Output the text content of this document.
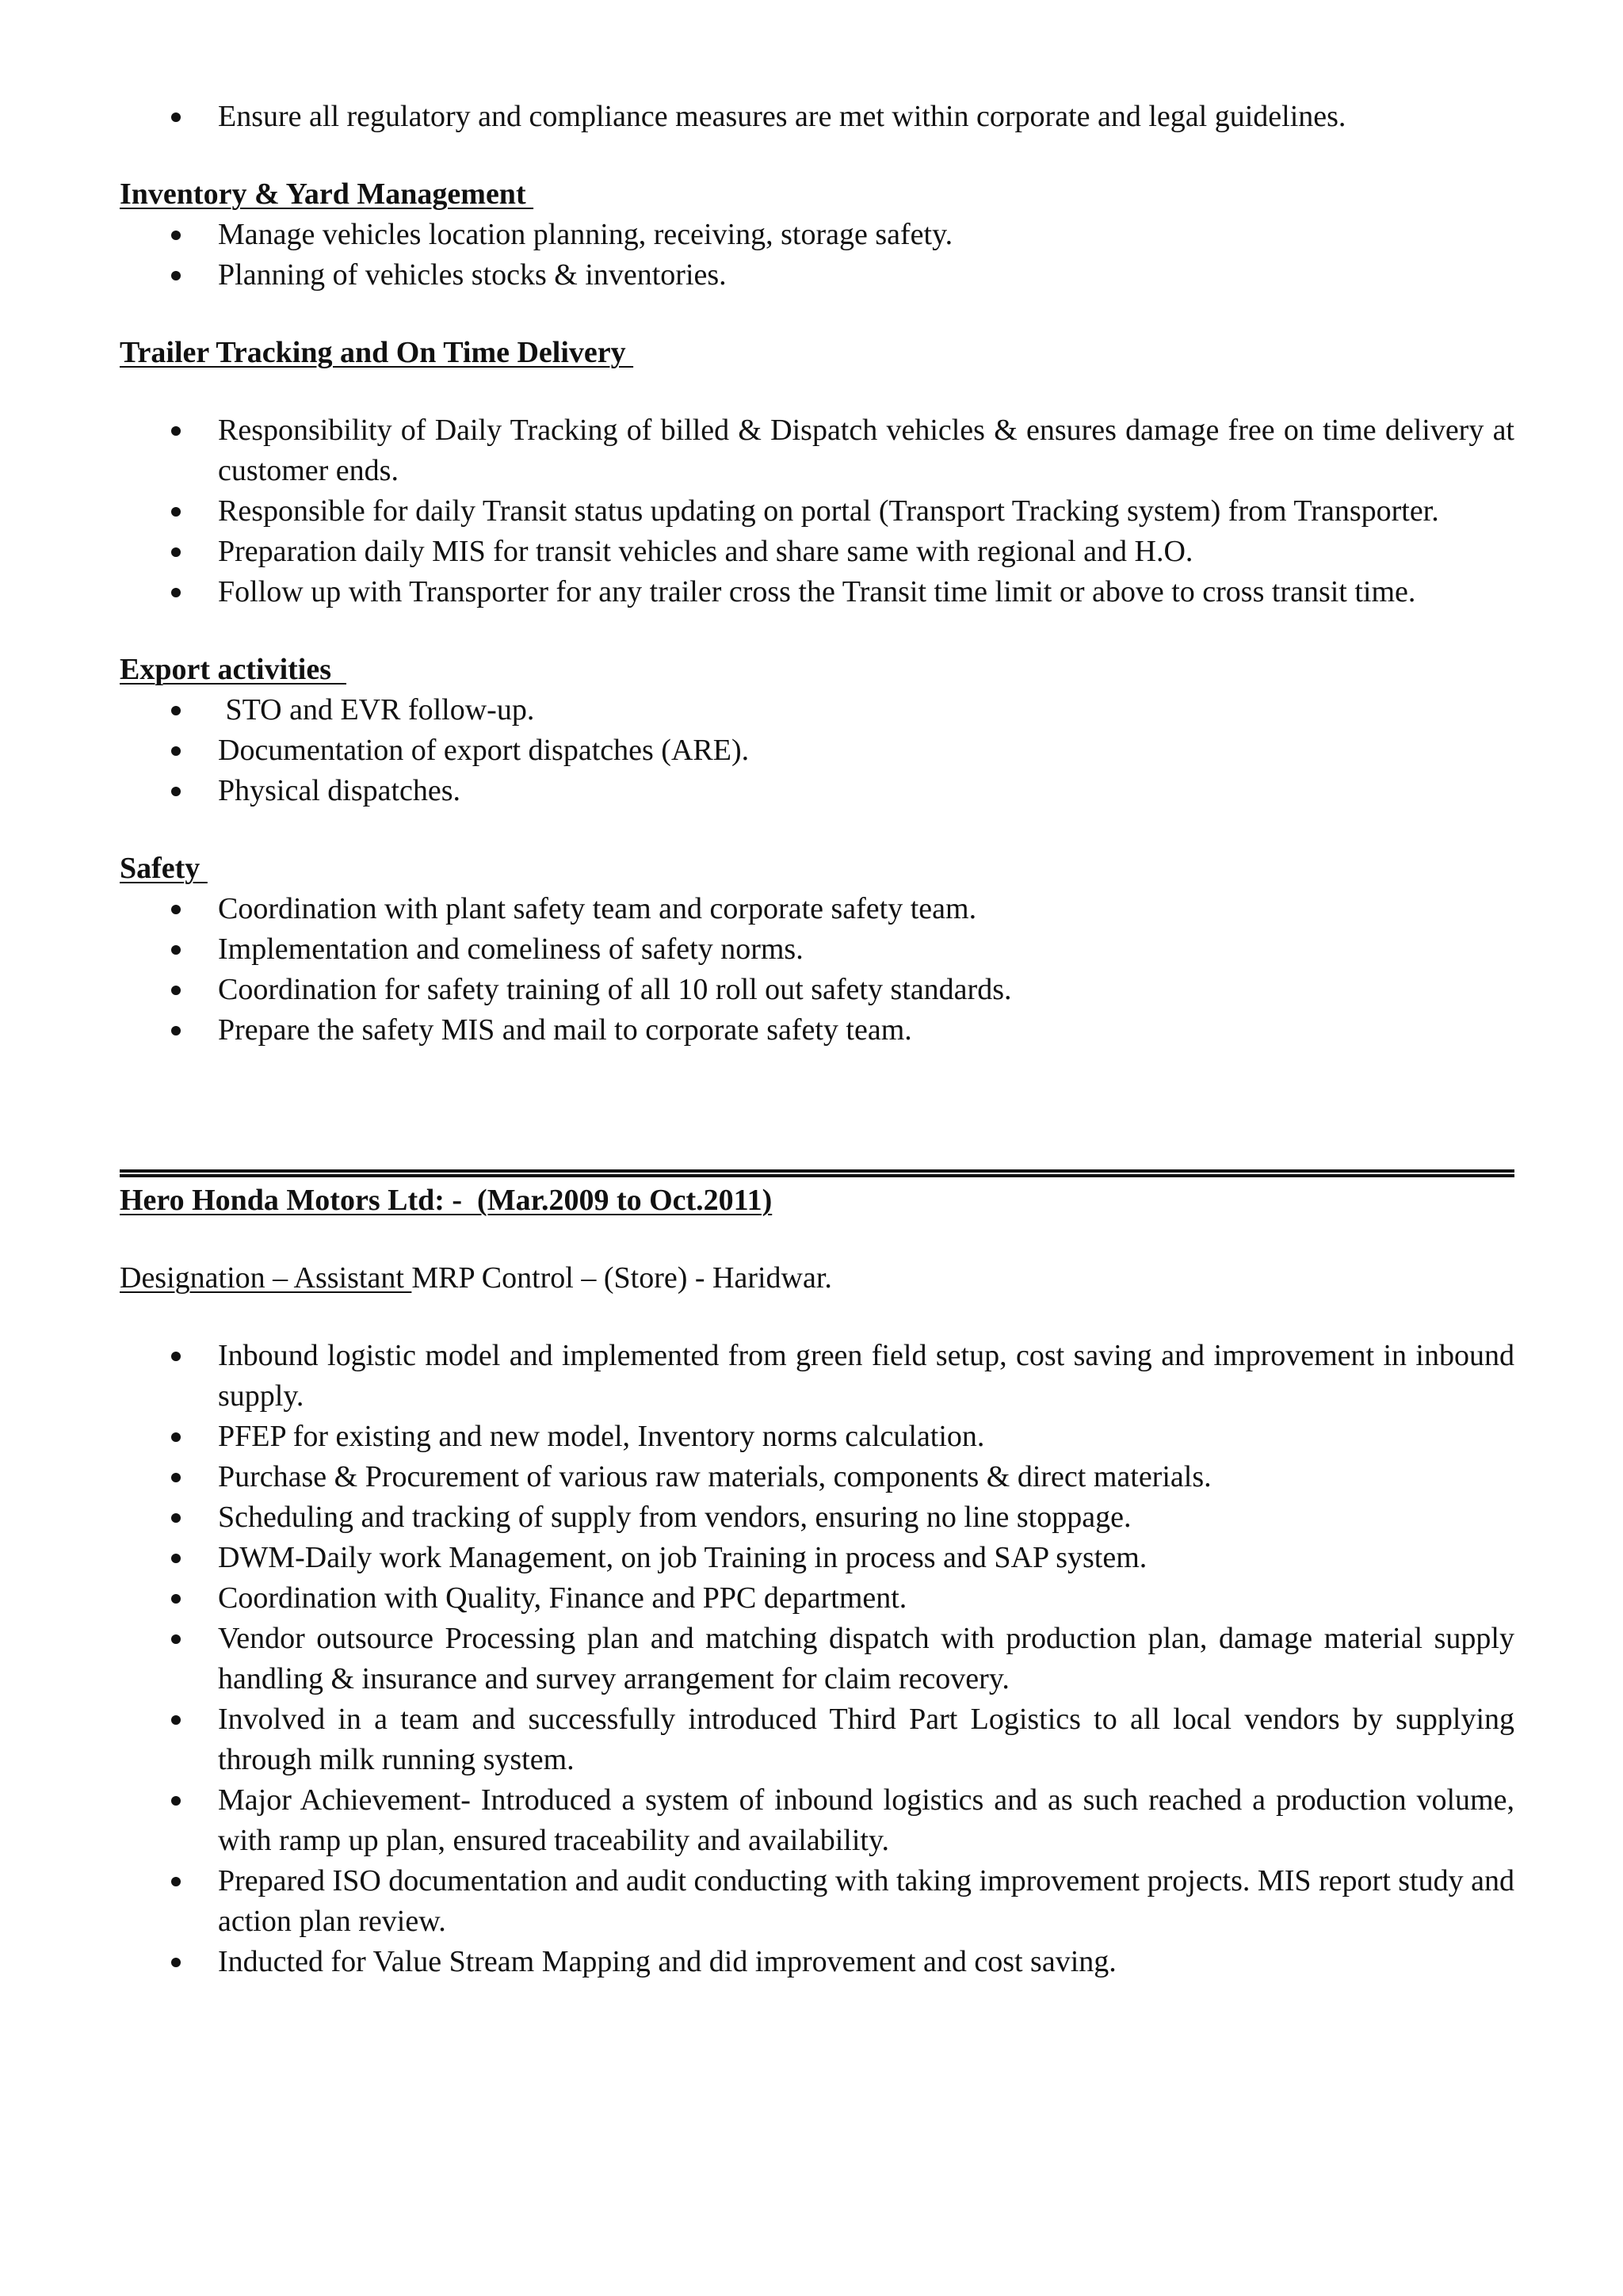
Ensure all regulatory and compliance measures are met within corporate and legal guidelines.
Inventory & Yard Management
Manage vehicles location planning, receiving, storage safety.
Planning of vehicles stocks & inventories.
Trailer Tracking and On Time Delivery
Responsibility of Daily Tracking of billed & Dispatch vehicles & ensures damage free on time delivery at customer ends.
Responsible for daily Transit status updating on portal (Transport Tracking system) from Transporter.
Preparation daily MIS for transit vehicles and share same with regional and H.O.
Follow up with Transporter for any trailer cross the Transit time limit or above to cross transit time.
Export activities
STO and EVR follow-up.
Documentation of export dispatches (ARE).
Physical dispatches.
Safety
Coordination with plant safety team and corporate safety team.
Implementation and comeliness of safety norms.
Coordination for safety training of all 10 roll out safety standards.
Prepare the safety MIS and mail to corporate safety team.
Hero Honda Motors Ltd: -  (Mar.2009 to Oct.2011)
Designation – Assistant MRP Control – (Store) - Haridwar.
Inbound logistic model and implemented from green field setup, cost saving and improvement in inbound supply.
PFEP for existing and new model, Inventory norms calculation.
Purchase & Procurement of various raw materials, components & direct materials.
Scheduling and tracking of supply from vendors, ensuring no line stoppage.
DWM-Daily work Management, on job Training in process and SAP system.
Coordination with Quality, Finance and PPC department.
Vendor outsource Processing plan and matching dispatch with production plan, damage material supply handling & insurance and survey arrangement for claim recovery.
Involved in a team and successfully introduced Third Part Logistics to all local vendors by supplying through milk running system.
Major Achievement- Introduced a system of inbound logistics and as such reached a production volume, with ramp up plan, ensured traceability and availability.
Prepared ISO documentation and audit conducting with taking improvement projects. MIS report study and action plan review.
Inducted for Value Stream Mapping and did improvement and cost saving.
